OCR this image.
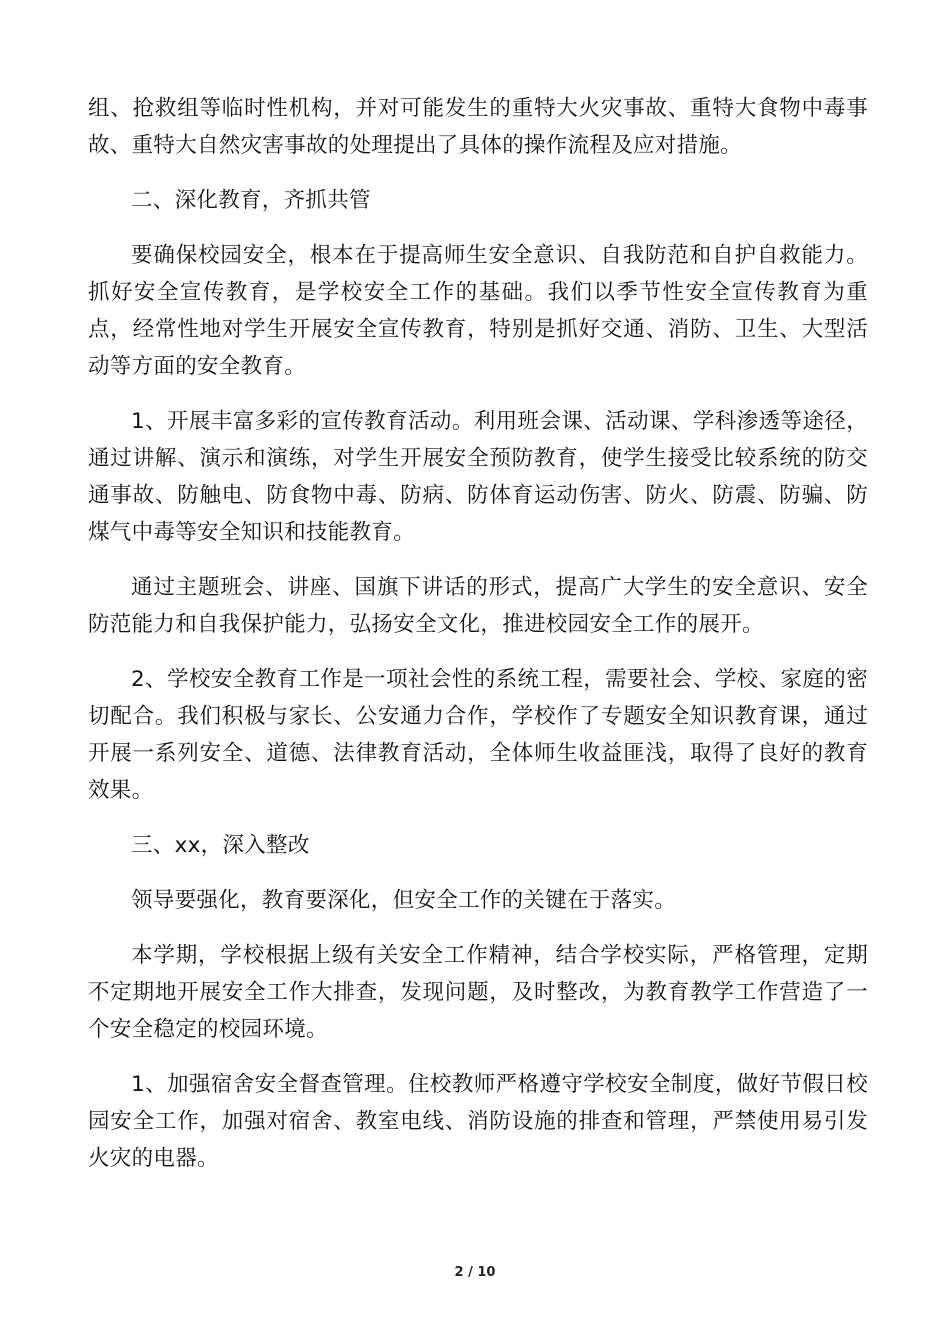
组、抢救组等临时性机构，并对可能发生的重特大火灾事故、重特大食物中毒事故、重特大自然灾害事故的处理提出了具体的操作流程及应对措施。

二、深化教育，齐抓共管

要确保校园安全，根本在于提高师生安全意识、自我防范和自护自救能力。抓好安全宣传教育，是学校安全工作的基础。我们以季节性安全宣传教育为重点，经常性地对学生开展安全宣传教育，特别是抓好交通、消防、卫生、大型活动等方面的安全教育。

1、开展丰富多彩的宣传教育活动。利用班会课、活动课、学科渗透等途径，通过讲解、演示和演练，对学生开展安全预防教育，使学生接受比较系统的防交通事故、防触电、防食物中毒、防病、防体育运动伤害、防火、防震、防骗、防煤气中毒等安全知识和技能教育。

通过主题班会、讲座、国旗下讲话的形式，提高广大学生的安全意识、安全防范能力和自我保护能力，弘扬安全文化，推进校园安全工作的展开。

2、学校安全教育工作是一项社会性的系统工程，需要社会、学校、家庭的密切配合。我们积极与家长、公安通力合作，学校作了专题安全知识教育课，通过开展一系列安全、道德、法律教育活动，全体师生收益匪浅，取得了良好的教育效果。

三、xx，深入整改

领导要强化，教育要深化，但安全工作的关键在于落实。

本学期，学校根据上级有关安全工作精神，结合学校实际，严格管理，定期不定期地开展安全工作大排查，发现问题，及时整改，为教育教学工作营造了一个安全稳定的校园环境。

1、加强宿舍安全督查管理。住校教师严格遵守学校安全制度，做好节假日校园安全工作，加强对宿舍、教室电线、消防设施的排查和管理，严禁使用易引发火灾的电器。

2 / 10
